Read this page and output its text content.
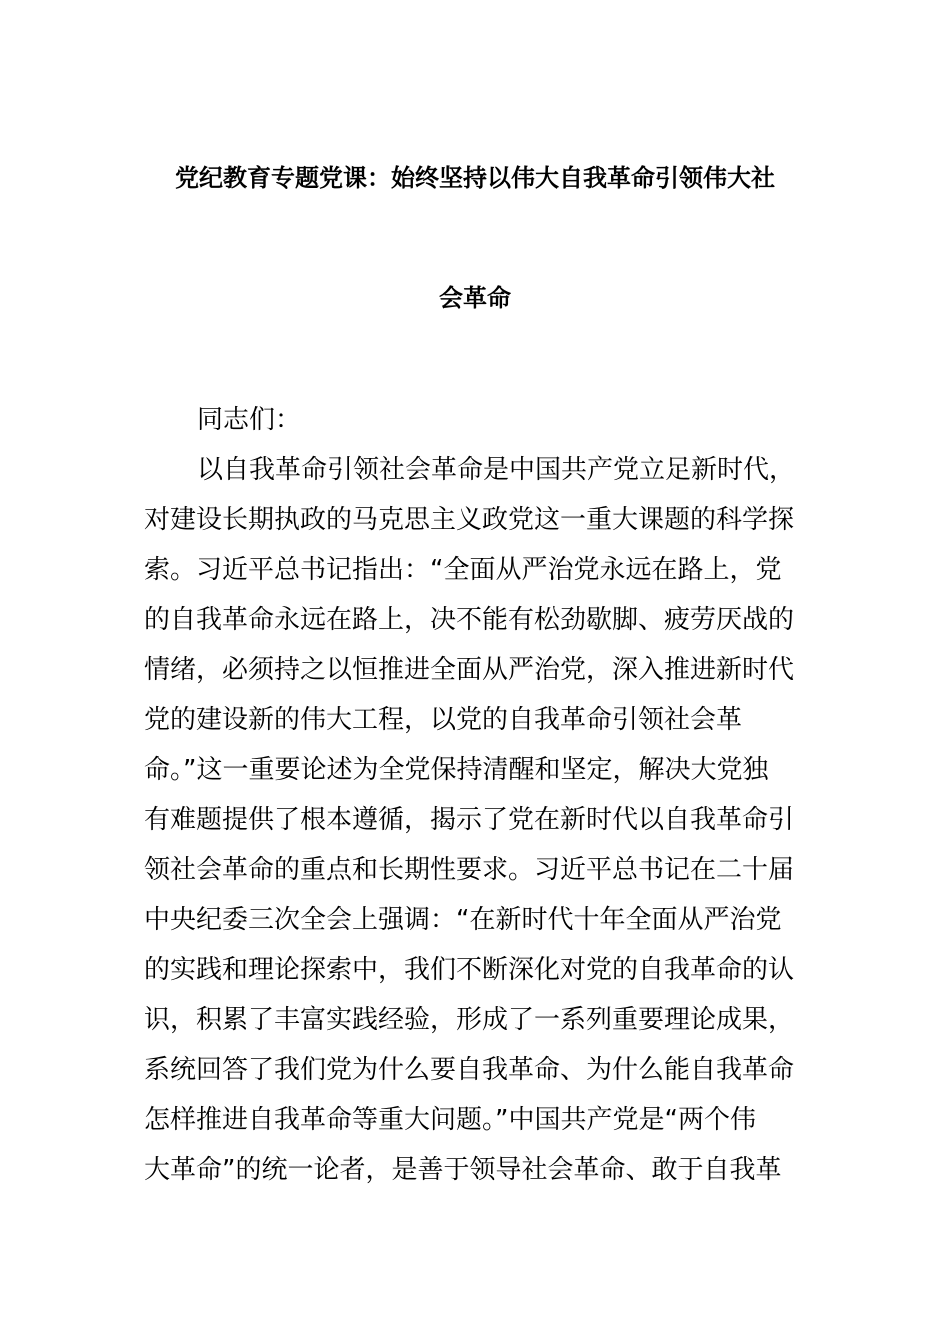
党纪教育专题党课：始终坚持以伟大自我革命引领伟大社
会革命
同志们：
以自我革命引领社会革命是中国共产党立足新时代，
对建设长期执政的马克思主义政党这一重大课题的科学探
索。习近平总书记指出：“全面从严治党永远在路上，党
的自我革命永远在路上，决不能有松劲歇脚、疲劳厌战的
情绪，必须持之以恒推进全面从严治党，深入推进新时代
党的建设新的伟大工程，以党的自我革命引领社会革
命。”这一重要论述为全党保持清醒和坚定，解决大党独
有难题提供了根本遵循，揭示了党在新时代以自我革命引
领社会革命的重点和长期性要求。习近平总书记在二十届
中央纪委三次全会上强调：“在新时代十年全面从严治党
的实践和理论探索中，我们不断深化对党的自我革命的认
识，积累了丰富实践经验，形成了一系列重要理论成果，
系统回答了我们党为什么要自我革命、为什么能自我革命
怎样推进自我革命等重大问题。”中国共产党是“两个伟
大革命”的统一论者，是善于领导社会革命、敢于自我革
